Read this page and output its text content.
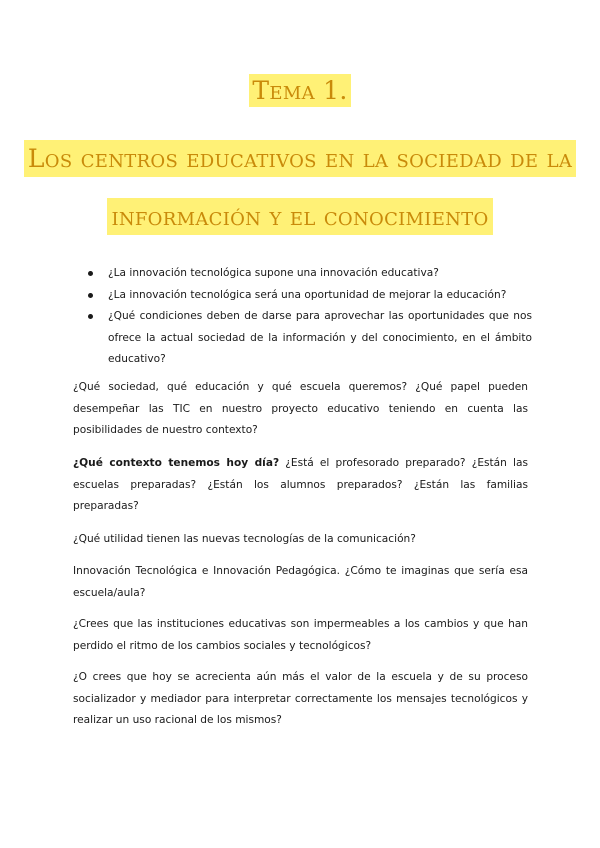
Tema 1.
Los centros educativos en la sociedad de la
información y el conocimiento
¿La innovación tecnológica supone una innovación educativa?
¿La innovación tecnológica será una oportunidad de mejorar la educación?
¿Qué condiciones deben de darse para aprovechar las oportunidades que nos ofrece la actual sociedad de la información y del conocimiento, en el ámbito educativo?

¿Qué sociedad, qué educación y qué escuela queremos? ¿Qué papel pueden desempeñar las TIC en nuestro proyecto educativo teniendo en cuenta las posibilidades de nuestro contexto?

¿Qué contexto tenemos hoy día? ¿Está el profesorado preparado? ¿Están las escuelas preparadas? ¿Están los alumnos preparados? ¿Están las familias preparadas?

¿Qué utilidad tienen las nuevas tecnologías de la comunicación?

Innovación Tecnológica e Innovación Pedagógica. ¿Cómo te imaginas que sería esa escuela/aula?

¿Crees que las instituciones educativas son impermeables a los cambios y que han perdido el ritmo de los cambios sociales y tecnológicos?

¿O crees que hoy se acrecienta aún más el valor de la escuela y de su proceso socializador y mediador para interpretar correctamente los mensajes tecnológicos y realizar un uso racional de los mismos?
